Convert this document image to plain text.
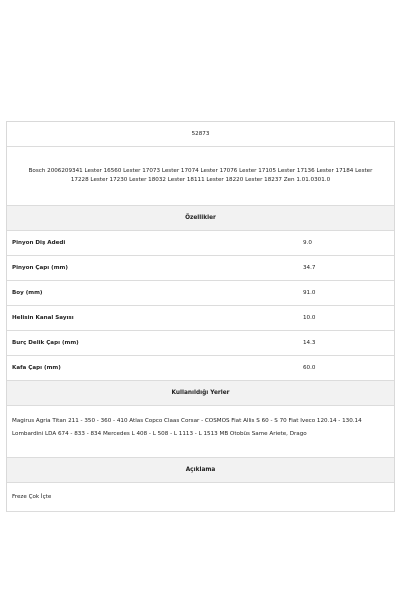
52873
Bosch 2006209341 Lester 16560 Lester 17073 Lester 17074 Lester 17076 Lester 17105 Lester 17136 Lester 17184 Lester 17228 Lester 17230 Lester 18032 Lester 18111 Lester 18220 Lester 18237 Zen 1.01.0301.0
Özellikler
Pinyon Diş Adedi	9.0
Pinyon Çapı (mm)	34.7
Boy (mm)	91.0
Helisin Kanal Sayısı	10.0
Burç Delik Çapı (mm)	14.3
Kafa Çapı (mm)	60.0
Kullanıldığı Yerler
Magirus Agria Titan 211 - 350 - 360 - 410 Atlas Copco Claas Corsar - COSMOS Fiat Allis S 60 - S 70 Fiat Iveco 120.14 - 130.14 Lombardini LDA 674 - 833 - 834 Mercedes L 408 - L 508 - L 1113 - L 1513 MB Otobüs Same Ariete, Drago
Açıklama
Freze Çok İçte
